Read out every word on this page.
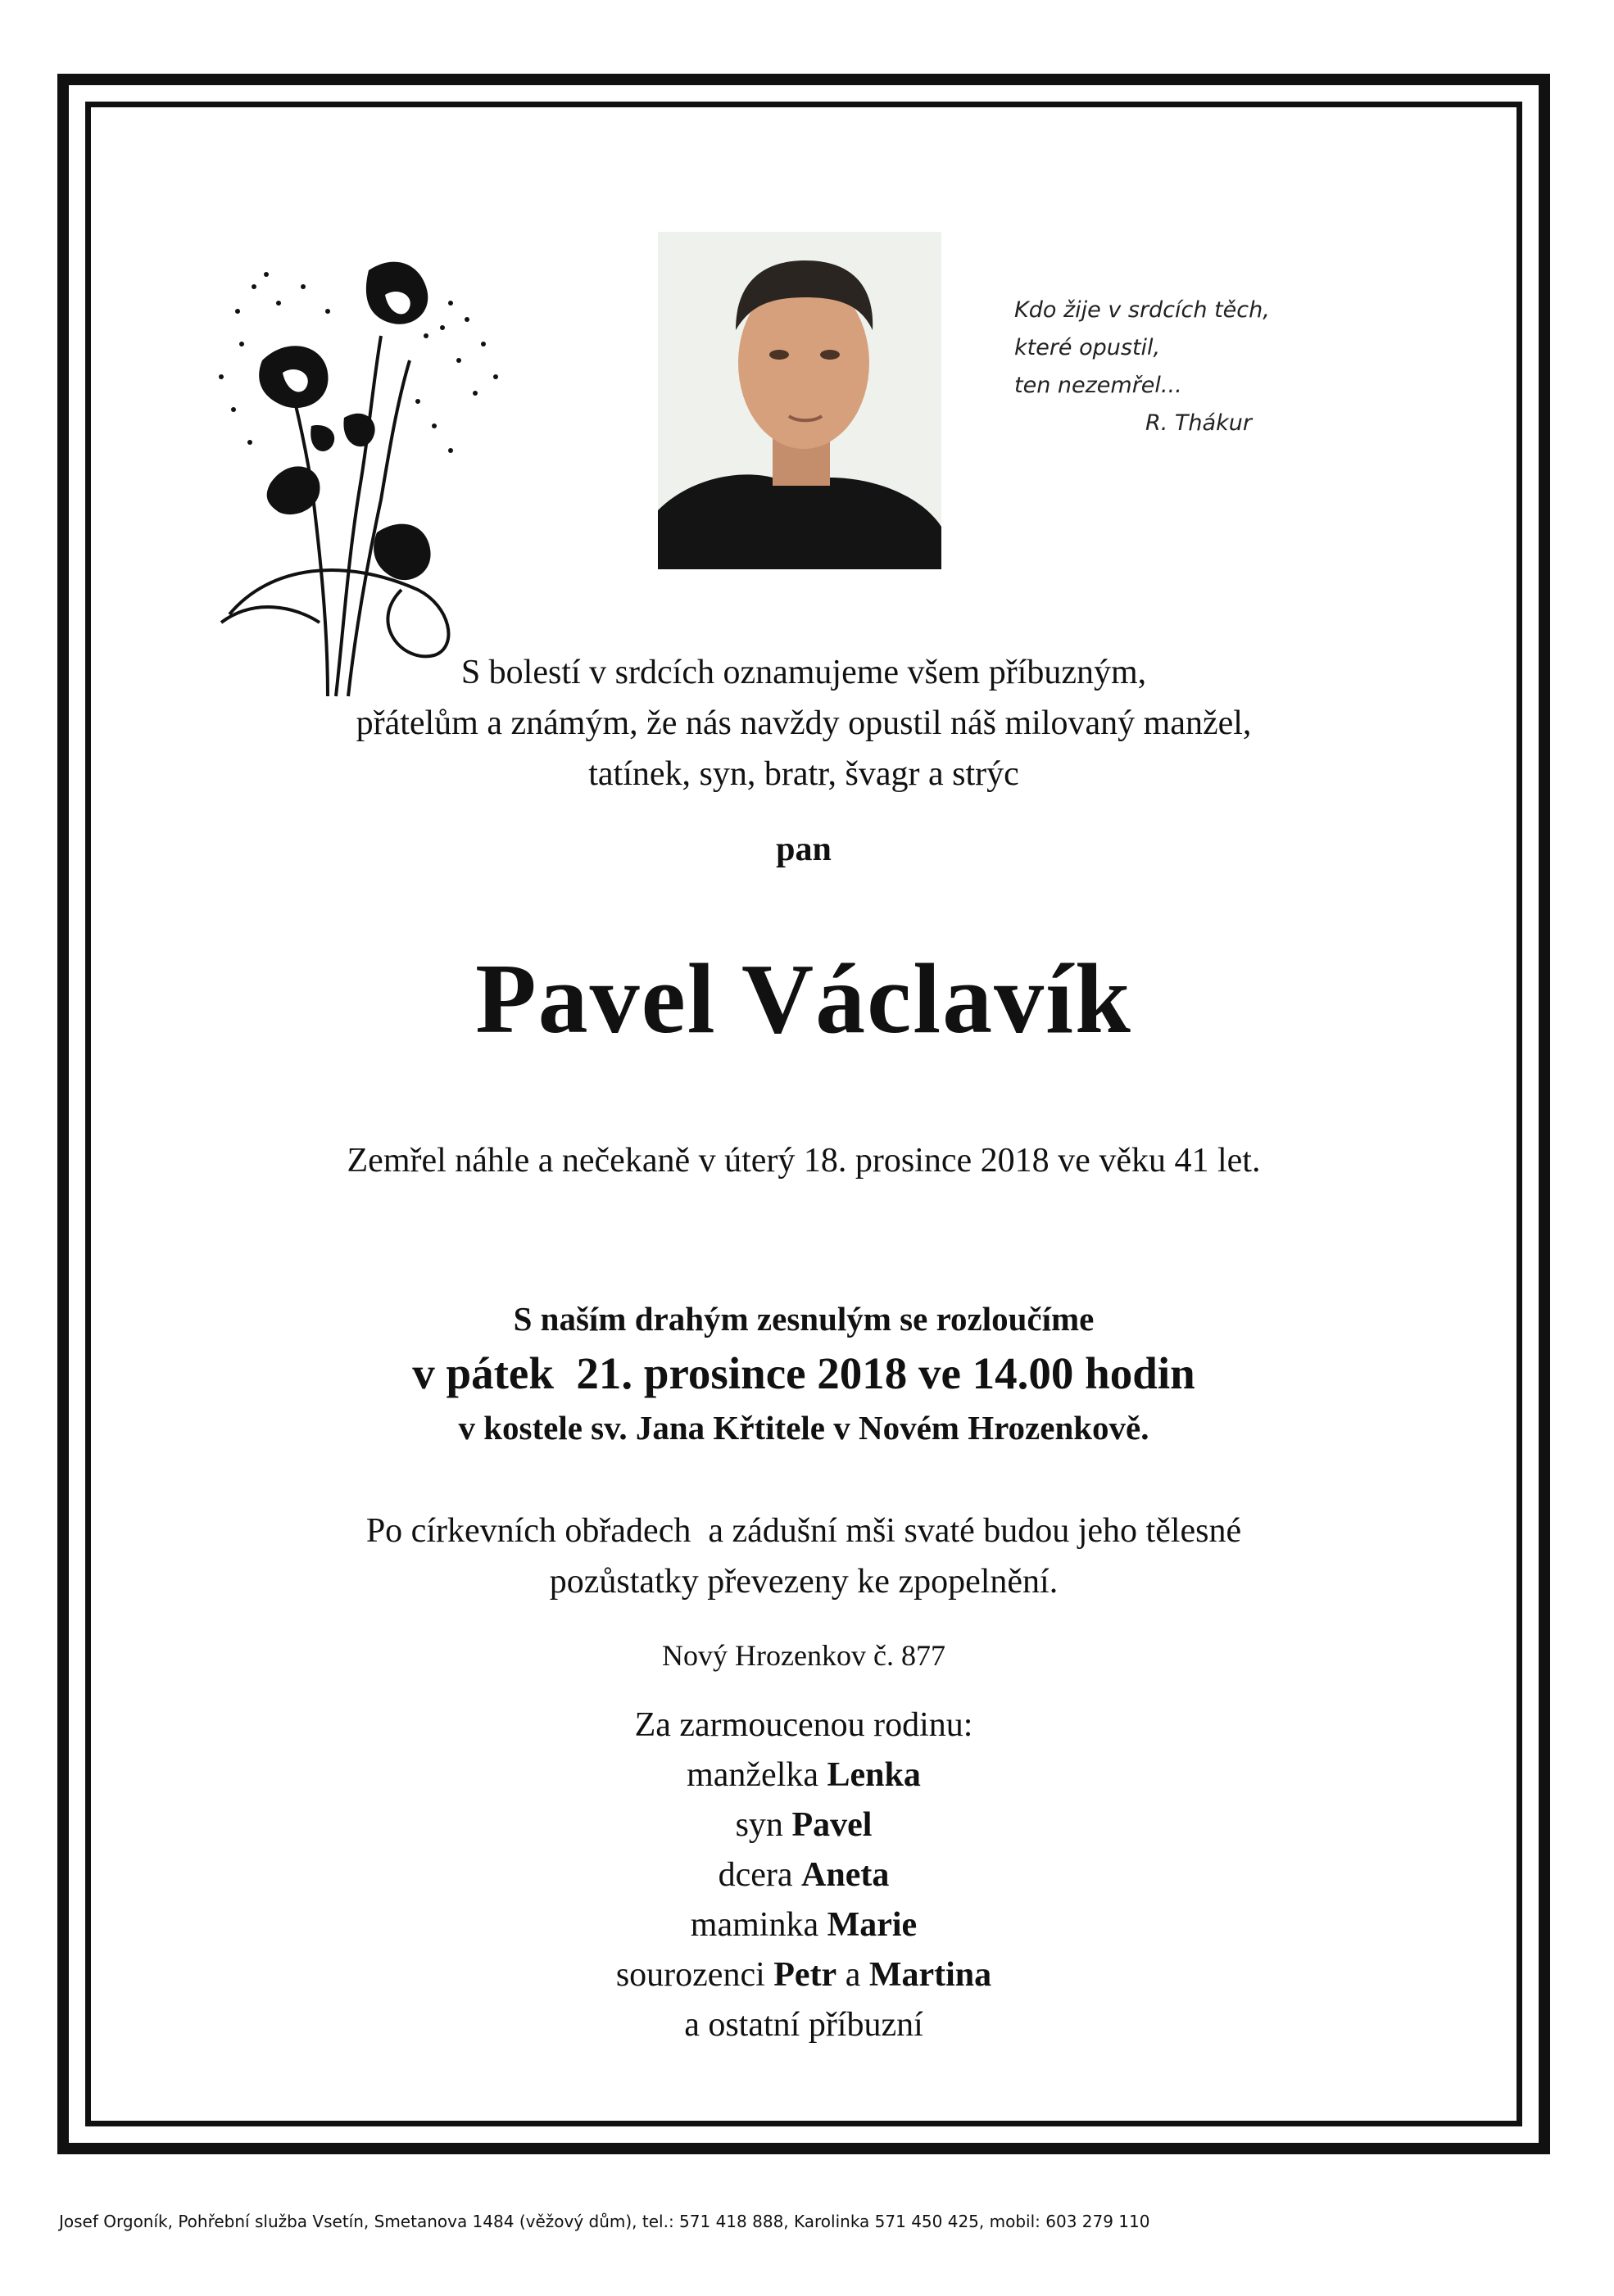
Kdo žije v srdcích těch,
které opustil,
ten nezemřel...
R. Thákur
S bolestí v srdcích oznamujeme všem příbuzným,
přátelům a známým, že nás navždy opustil náš milovaný manžel,
tatínek, syn, bratr, švagr a strýc
pan
Pavel Václavík
Zemřel náhle a nečekaně v úterý 18. prosince 2018 ve věku 41 let.
S naším drahým zesnulým se rozloučíme
v pátek  21. prosince 2018 ve 14.00 hodin
v kostele sv. Jana Křtitele v Novém Hrozenkově.
Po církevních obřadech  a zádušní mši svaté budou jeho tělesné
pozůstatky převezeny ke zpopelnění.
Nový Hrozenkov č. 877
Za zarmoucenou rodinu:
manželka Lenka
syn Pavel
dcera Aneta
maminka Marie
sourozenci Petr a Martina
a ostatní příbuzní
Josef Orgoník, Pohřební služba Vsetín, Smetanova 1484 (věžový dům), tel.: 571 418 888, Karolinka 571 450 425, mobil: 603 279 110
